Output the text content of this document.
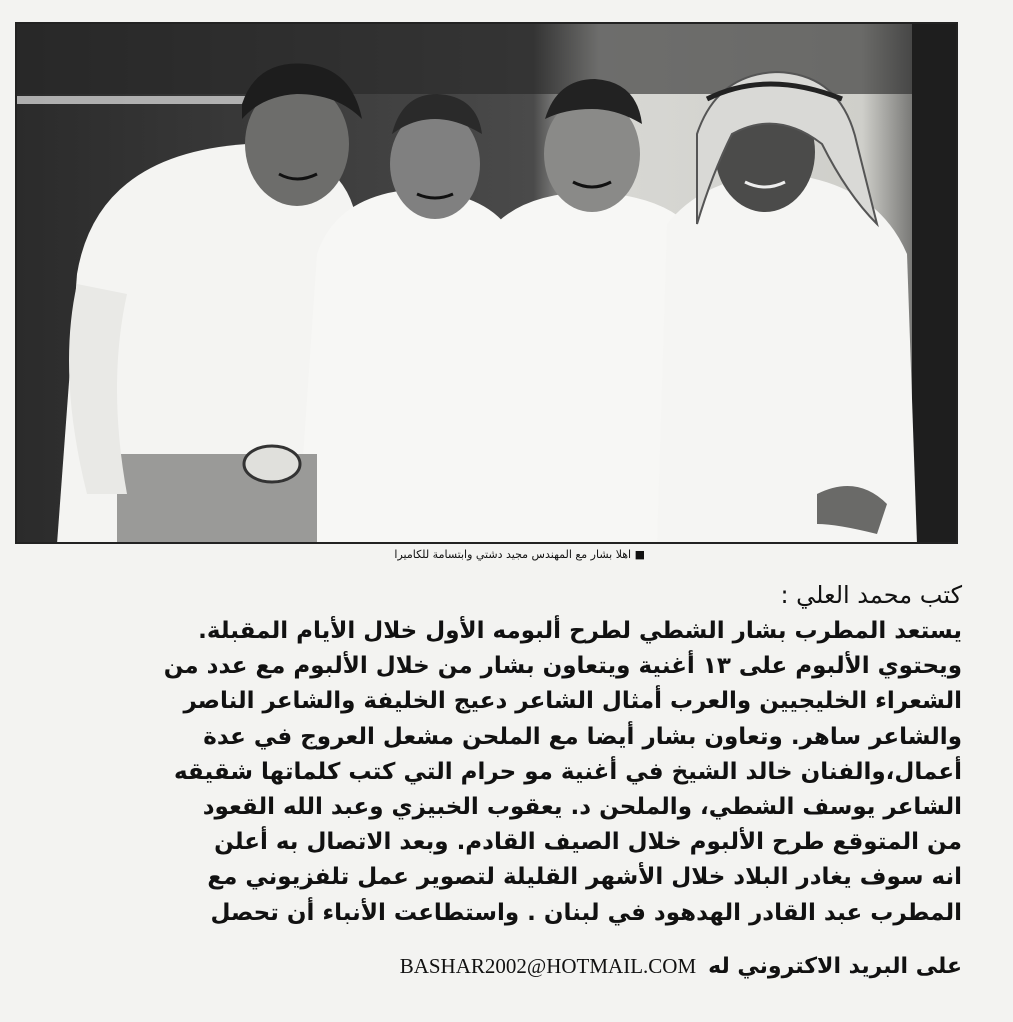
■ اهلا بشار مع المهندس مجيد دشتي وابتسامة للكاميرا
كتب محمد العلي :
يستعد المطرب بشار الشطي لطرح ألبومه الأول خلال الأيام المقبلة.
ويحتوي الألبوم على ١٣ أغنية ويتعاون بشار من خلال الألبوم مع عدد من
الشعراء الخليجيين والعرب أمثال الشاعر دعيج الخليفة والشاعر الناصر
والشاعر ساهر. وتعاون بشار أيضا مع الملحن مشعل العروج في عدة
أعمال،والفنان خالد الشيخ في أغنية مو حرام التي كتب كلماتها شقيقه
الشاعر يوسف الشطي، والملحن د. يعقوب الخبيزي وعبد الله القعود
من المتوقع طرح الألبوم خلال الصيف القادم. وبعد الاتصال به أعلن
انه سوف يغادر البلاد خلال الأشهر القليلة لتصوير عمل تلفزيوني مع
المطرب عبد القادر الهدهود في لبنان . واستطاعت الأنباء أن تحصل
BASHAR2002@HOTMAIL.COM على البريد الاكتروني له
